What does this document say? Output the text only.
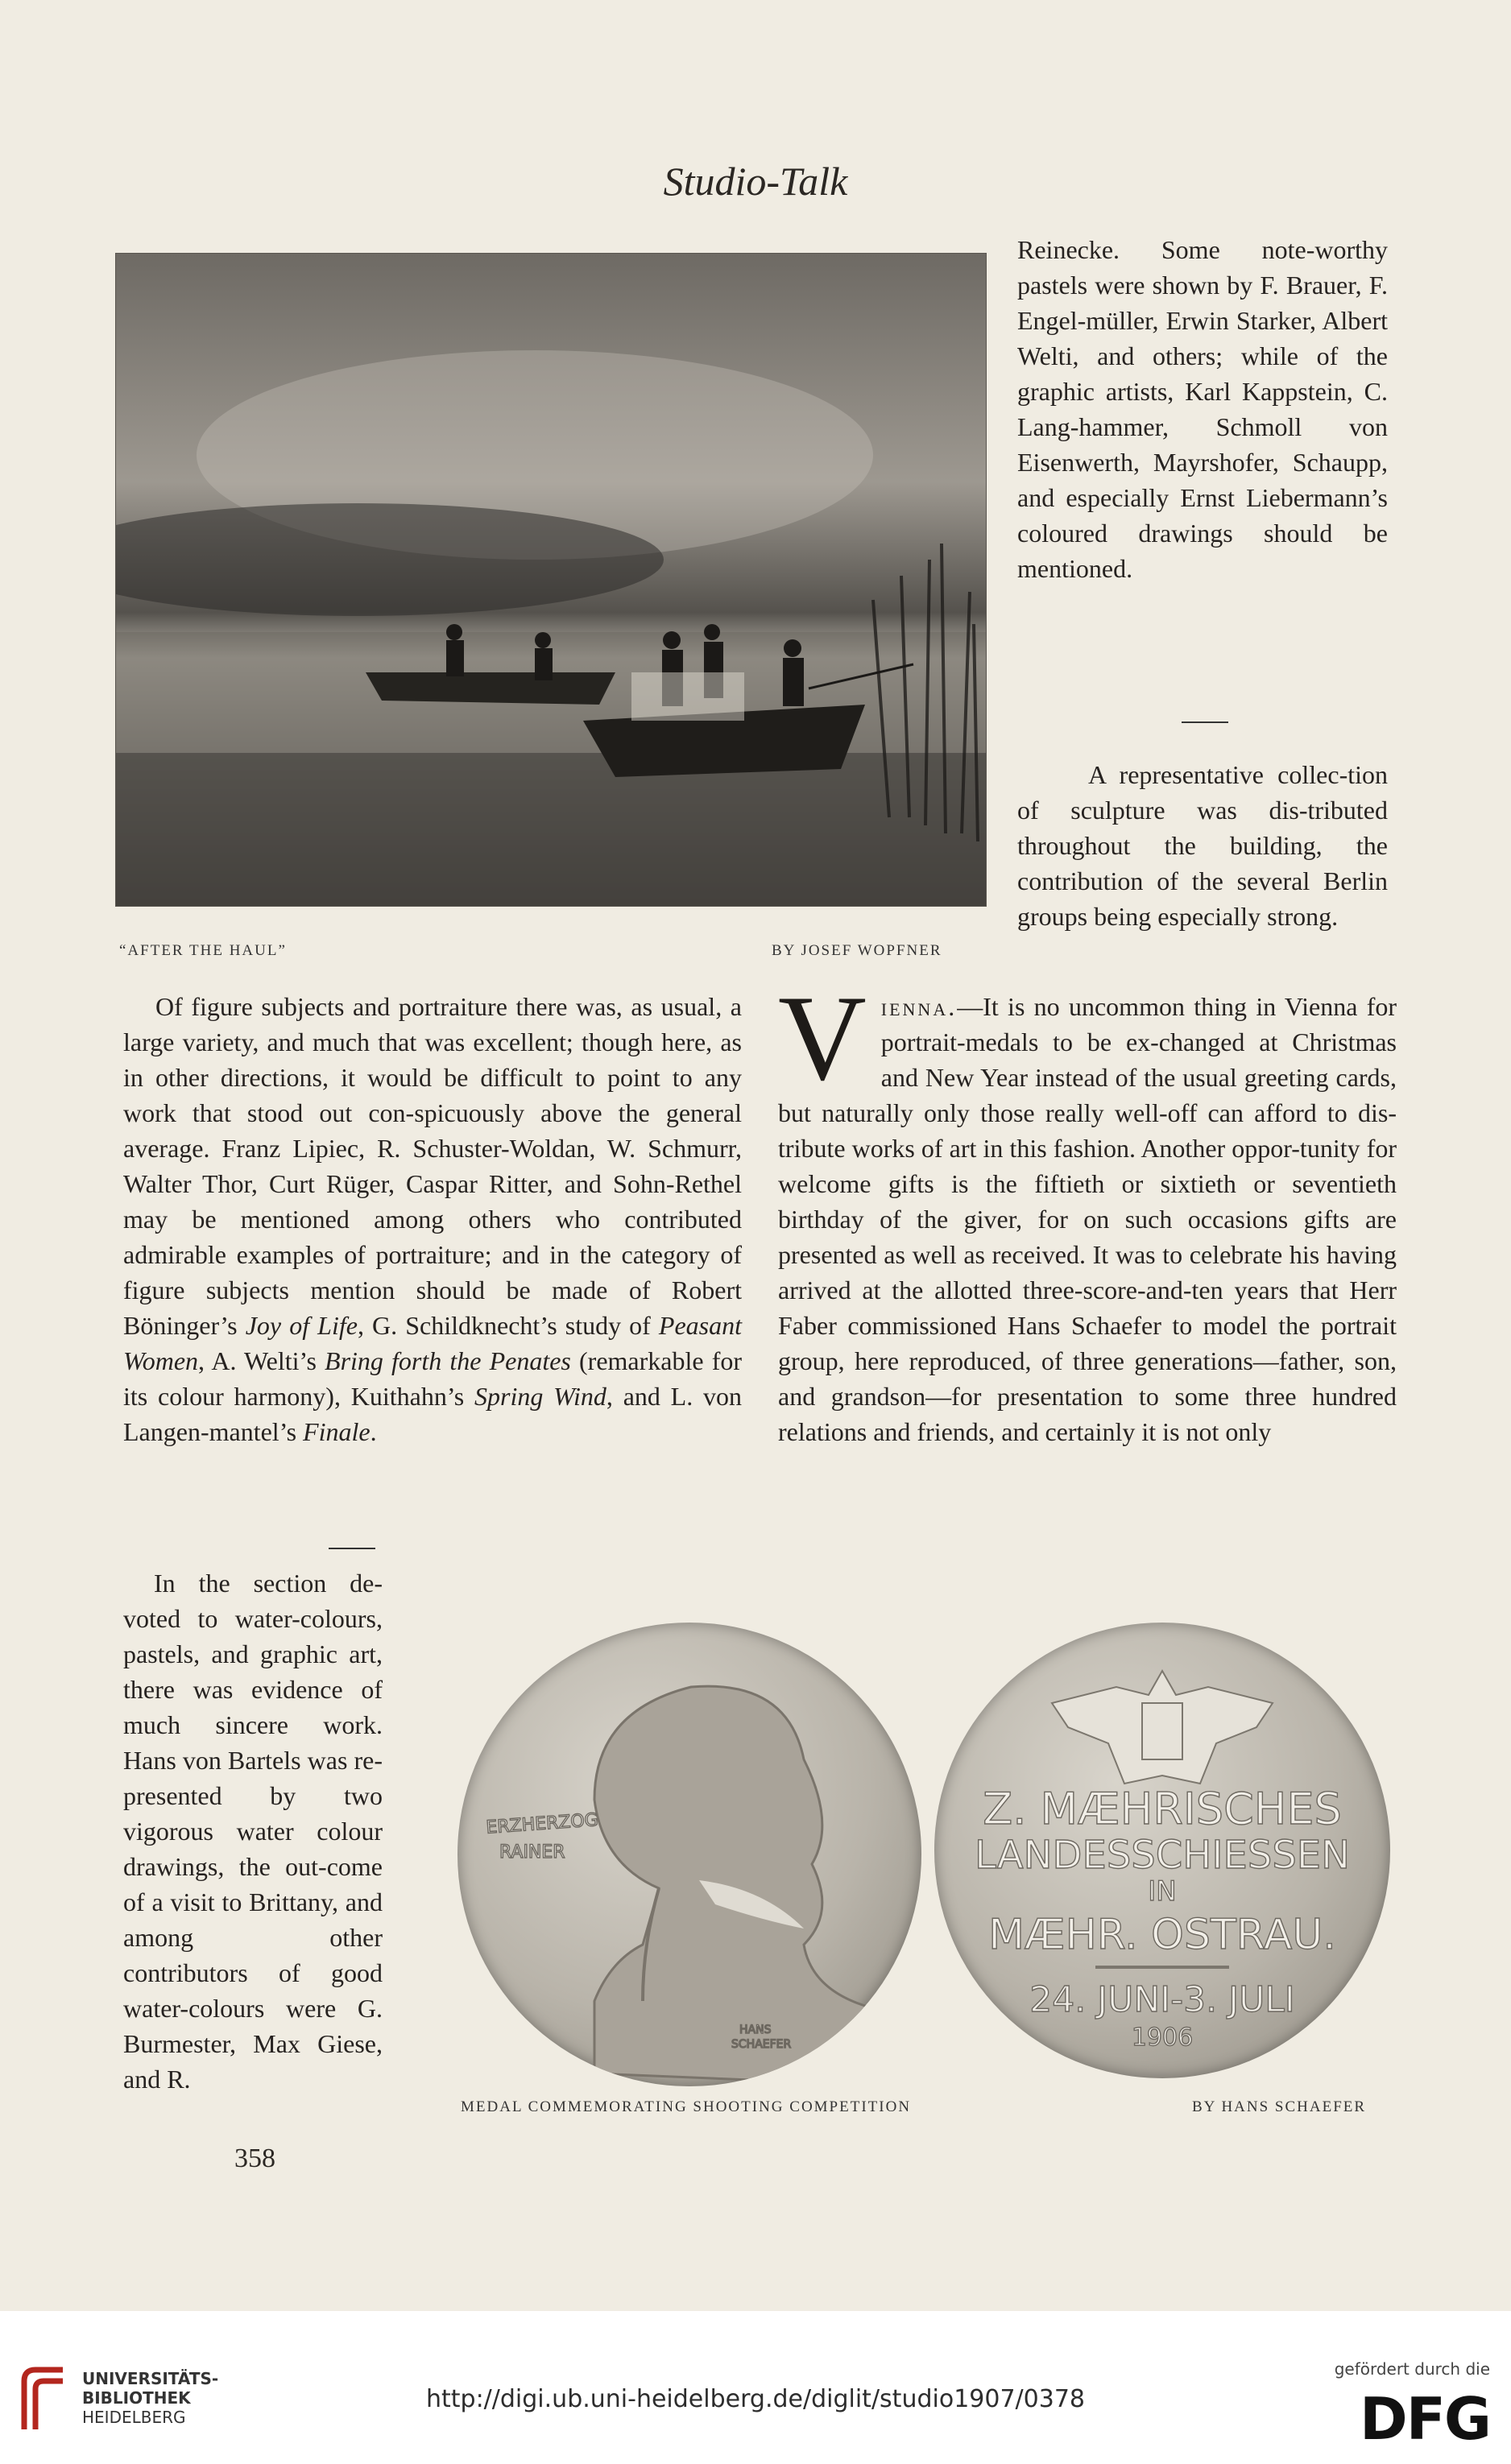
Studio-Talk
“AFTER THE HAUL”	BY JOSEF WOPFNER

Reinecke. Some note-worthy pastels were shown by F. Brauer, F. Engel-müller, Erwin Starker, Albert Welti, and others; while of the graphic artists, Karl Kappstein, C. Lang-hammer, Schmoll von Eisenwerth, Mayrshofer, Schaupp, and especially Ernst Liebermann’s coloured drawings should be mentioned.

A representative collec-tion of sculpture was dis-tributed throughout the building, the contribution of the several Berlin groups being especially strong.

Of figure subjects and portraiture there was, as usual, a large variety, and much that was excellent; though here, as in other directions, it would be difficult to point to any work that stood out con-spicuously above the general average. Franz Lipiec, R. Schuster-Woldan, W. Schmurr, Walter Thor, Curt Rüger, Caspar Ritter, and Sohn-Rethel may be mentioned among others who contributed admirable examples of portraiture; and in the category of figure subjects mention should be made of Robert Böninger’s Joy of Life, G. Schildknecht’s study of Peasant Women, A. Welti’s Bring forth the Penates (remarkable for its colour harmony), Kuithahn’s Spring Wind, and L. von Langen-mantel’s Finale.

Vienna.—It is no uncommon thing in Vienna for portrait-medals to be ex-changed at Christmas and New Year instead of the usual greeting cards, but naturally only those really well-off can afford to dis-tribute works of art in this fashion. Another oppor-tunity for welcome gifts is the fiftieth or sixtieth or seventieth birthday of the giver, for on such occasions gifts are presented as well as received. It was to celebrate his having arrived at the allotted three-score-and-ten years that Herr Faber commissioned Hans Schaefer to model the portrait group, here reproduced, of three generations—father, son, and grandson—for presentation to some three hundred relations and friends, and certainly it is not only

In the section de-voted to water-colours, pastels, and graphic art, there was evidence of much sincere work. Hans von Bartels was re-presented by two vigorous water colour drawings, the out-come of a visit to Brittany, and among other contributors of good water-colours were G. Burmester, Max Giese, and R.

ERZHERZOG
RAINER
HANS
SCHAEFER
Z. MÆHRISCHES
LANDESSCHIESSEN
IN
MÆHR. OSTRAU.
24. JUNI-3. JULI
1906
MEDAL COMMEMORATING SHOOTING COMPETITION	BY HANS SCHAEFER
358
UNIVERSITÄTS-
BIBLIOTHEK
HEIDELBERG
http://digi.ub.uni-heidelberg.de/diglit/studio1907/0378
gefördert durch die
DFG
